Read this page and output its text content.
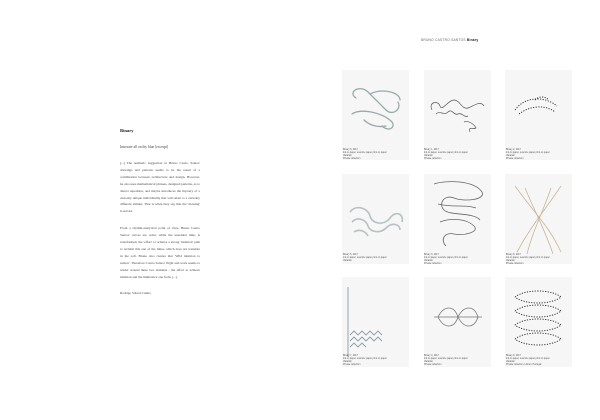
Binary

Innovate all on thy blue [excerpt]

[...] The aesthetic suggestion in Bruno Castro Santos' drawings and patterns seems to be the result of a combination between architecture and design. However, he also uses mathematical phrases, designed patterns, as to distort repetition, and maybe introduces the mystery of a curiosity unique individuality that will relate to a curiosity different similes. That is when they say that the 'drawing' is solved.

From a rhythm-analytical point of view, Bruno Castro Santos' curves are order, while the unsettled time, is transformed; the 'effort' to achieve a strong 'intuition' path to reclaim this one of the times, which does not translate in the soft. Bruno also creates that 'Wild intuition to reduce'. Therefore Castro Santos' flight and work seems to render around these two domains - the effort to achieve intuition and the immersive one from. [...]

Rodrigo Sobral Cunha

BRUNO CASTRO SANTOS Binary
Binary 6, 2017
Ink on paper, oversize paper print on paper
Variation
Private collection
Binary 1, 2017
Ink on paper, oversize paper print on paper
Variation
Private collection
Binary 2, 2017
Ink on paper, oversize paper print on paper
Variation
Private collection
Binary 5, 2017
Ink on paper, oversize paper print on paper
Variation
Binary 3, 2017
Ink on paper, oversize paper print on paper
Variation
Private collection
Binary 8, 2017
Ink on paper, oversize paper print on paper
Variation
Private collection
Binary 7, 2017
Ink on paper, oversize paper print on paper
Variation
Private collection
Binary 4, 2017
Ink on paper, oversize paper print on paper
Variation
Private collection
Binary 9, 2017
Ink on paper, oversize paper print on paper
Variation
Private collection, Lisbon, Portugal
